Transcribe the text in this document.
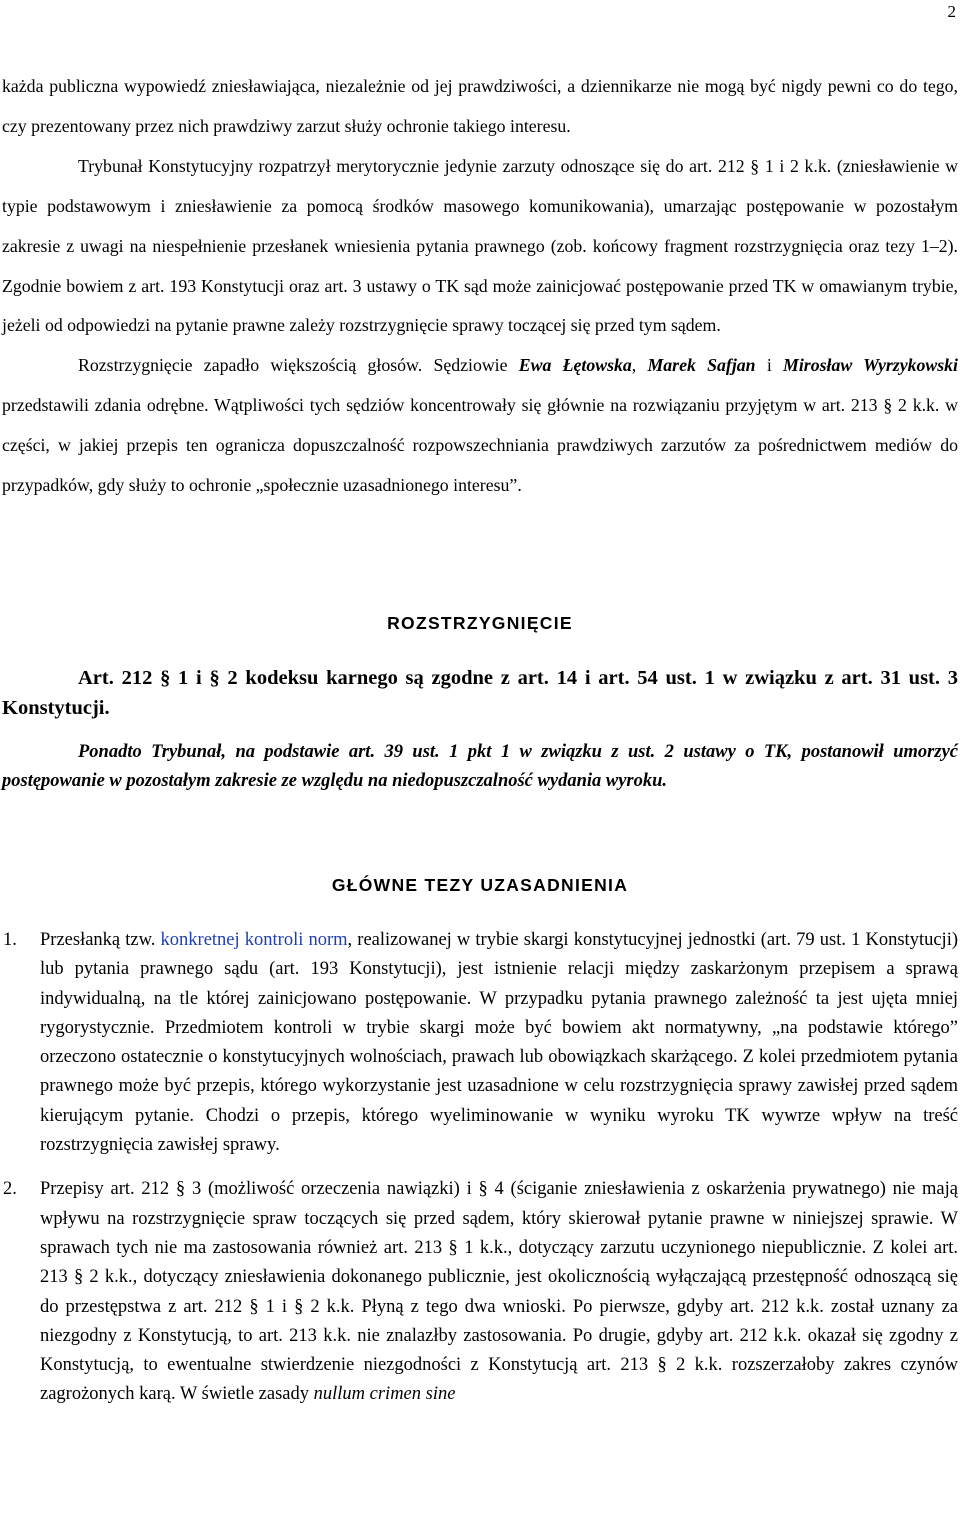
2

każda publiczna wypowiedź zniesławiająca, niezależnie od jej prawdziwości, a dziennikarze nie mogą być nigdy pewni co do tego, czy prezentowany przez nich prawdziwy zarzut służy ochronie takiego interesu.

Trybunał Konstytucyjny rozpatrzył merytorycznie jedynie zarzuty odnoszące się do art. 212 § 1 i 2 k.k. (zniesławienie w typie podstawowym i zniesławienie za pomocą środków masowego komunikowania), umarzając postępowanie w pozostałym zakresie z uwagi na niespełnienie przesłanek wniesienia pytania prawnego (zob. końcowy fragment rozstrzygnięcia oraz tezy 1–2). Zgodnie bowiem z art. 193 Konstytucji oraz art. 3 ustawy o TK sąd może zainicjować postępowanie przed TK w omawianym trybie, jeżeli od odpowiedzi na pytanie prawne zależy rozstrzygnięcie sprawy toczącej się przed tym sądem.

Rozstrzygnięcie zapadło większością głosów. Sędziowie Ewa Łętowska, Marek Safjan i Mirosław Wyrzykowski przedstawili zdania odrębne. Wątpliwości tych sędziów koncentrowały się głównie na rozwiązaniu przyjętym w art. 213 § 2 k.k. w części, w jakiej przepis ten ogranicza dopuszczalność rozpowszechniania prawdziwych zarzutów za pośrednictwem mediów do przypadków, gdy służy to ochronie „społecznie uzasadnionego interesu”.

ROZSTRZYGNIĘCIE

Art. 212 § 1 i § 2 kodeksu karnego są zgodne z art. 14 i art. 54 ust. 1 w związku z art. 31 ust. 3 Konstytucji.

Ponadto Trybunał, na podstawie art. 39 ust. 1 pkt 1 w związku z ust. 2 ustawy o TK, postanowił umorzyć postępowanie w pozostałym zakresie ze względu na niedopuszczalność wydania wyroku.

GŁÓWNE TEZY UZASADNIENIA
1. Przesłanką tzw. konkretnej kontroli norm, realizowanej w trybie skargi konstytucyjnej jednostki (art. 79 ust. 1 Konstytucji) lub pytania prawnego sądu (art. 193 Konstytucji), jest istnienie relacji między zaskarżonym przepisem a sprawą indywidualną, na tle której zainicjowano postępowanie. W przypadku pytania prawnego zależność ta jest ujęta mniej rygorystycznie. Przedmiotem kontroli w trybie skargi może być bowiem akt normatywny, „na podstawie którego” orzeczono ostatecznie o konstytucyjnych wolnościach, prawach lub obowiązkach skarżącego. Z kolei przedmiotem pytania prawnego może być przepis, którego wykorzystanie jest uzasadnione w celu rozstrzygnięcia sprawy zawisłej przed sądem kierującym pytanie. Chodzi o przepis, którego wyeliminowanie w wyniku wyroku TK wywrze wpływ na treść rozstrzygnięcia zawisłej sprawy.
2. Przepisy art. 212 § 3 (możliwość orzeczenia nawiązki) i § 4 (ściganie zniesławienia z oskarżenia prywatnego) nie mają wpływu na rozstrzygnięcie spraw toczących się przed sądem, który skierował pytanie prawne w niniejszej sprawie. W sprawach tych nie ma zastosowania również art. 213 § 1 k.k., dotyczący zarzutu uczynionego niepublicznie. Z kolei art. 213 § 2 k.k., dotyczący zniesławienia dokonanego publicznie, jest okolicznością wyłączającą przestępność odnoszącą się do przestępstwa z art. 212 § 1 i § 2 k.k. Płyną z tego dwa wnioski. Po pierwsze, gdyby art. 212 k.k. został uznany za niezgodny z Konstytucją, to art. 213 k.k. nie znalazłby zastosowania. Po drugie, gdyby art. 212 k.k. okazał się zgodny z Konstytucją, to ewentualne stwierdzenie niezgodności z Konstytucją art. 213 § 2 k.k. rozszerzałoby zakres czynów zagrożonych karą. W świetle zasady nullum crimen sine
